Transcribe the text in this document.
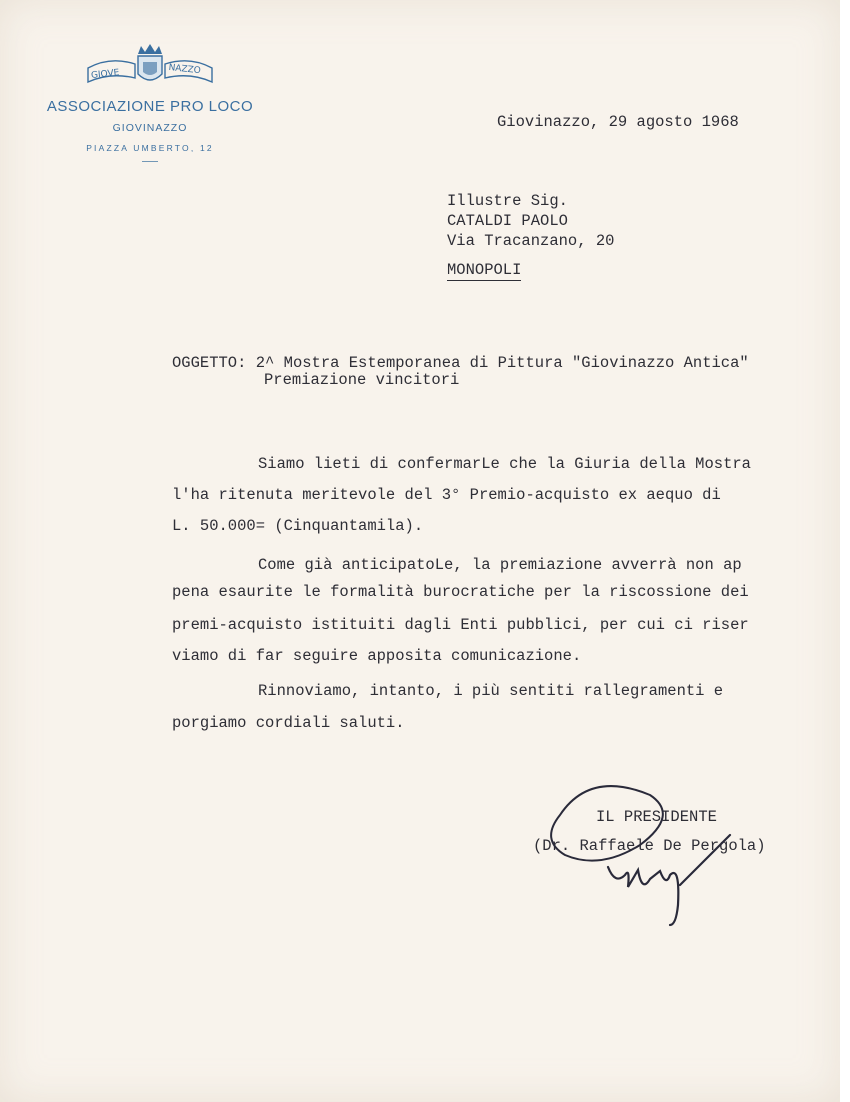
GIOVE	NAZZO
ASSOCIAZIONE PRO LOCO
GIOVINAZZO
PIAZZA UMBERTO, 12
Giovinazzo, 29 agosto 1968
Illustre Sig.
CATALDI PAOLO
Via Tracanzano, 20
MONOPOLI
OGGETTO: 2^ Mostra Estemporanea di Pittura "Giovinazzo Antica"
Premiazione vincitori
Siamo lieti di confermarLe che la Giuria della Mostra
l'ha ritenuta meritevole del 3° Premio-acquisto ex aequo di
L. 50.000= (Cinquantamila).
Come già anticipatoLe, la premiazione avverrà non ap
pena esaurite le formalità burocratiche per la riscossione dei
premi-acquisto istituiti dagli Enti pubblici, per cui ci riser
viamo di far seguire apposita comunicazione.
Rinnoviamo, intanto, i più sentiti rallegramenti e
porgiamo cordiali saluti.
IL PRESIDENTE
(Dr. Raffaele De Pergola)
